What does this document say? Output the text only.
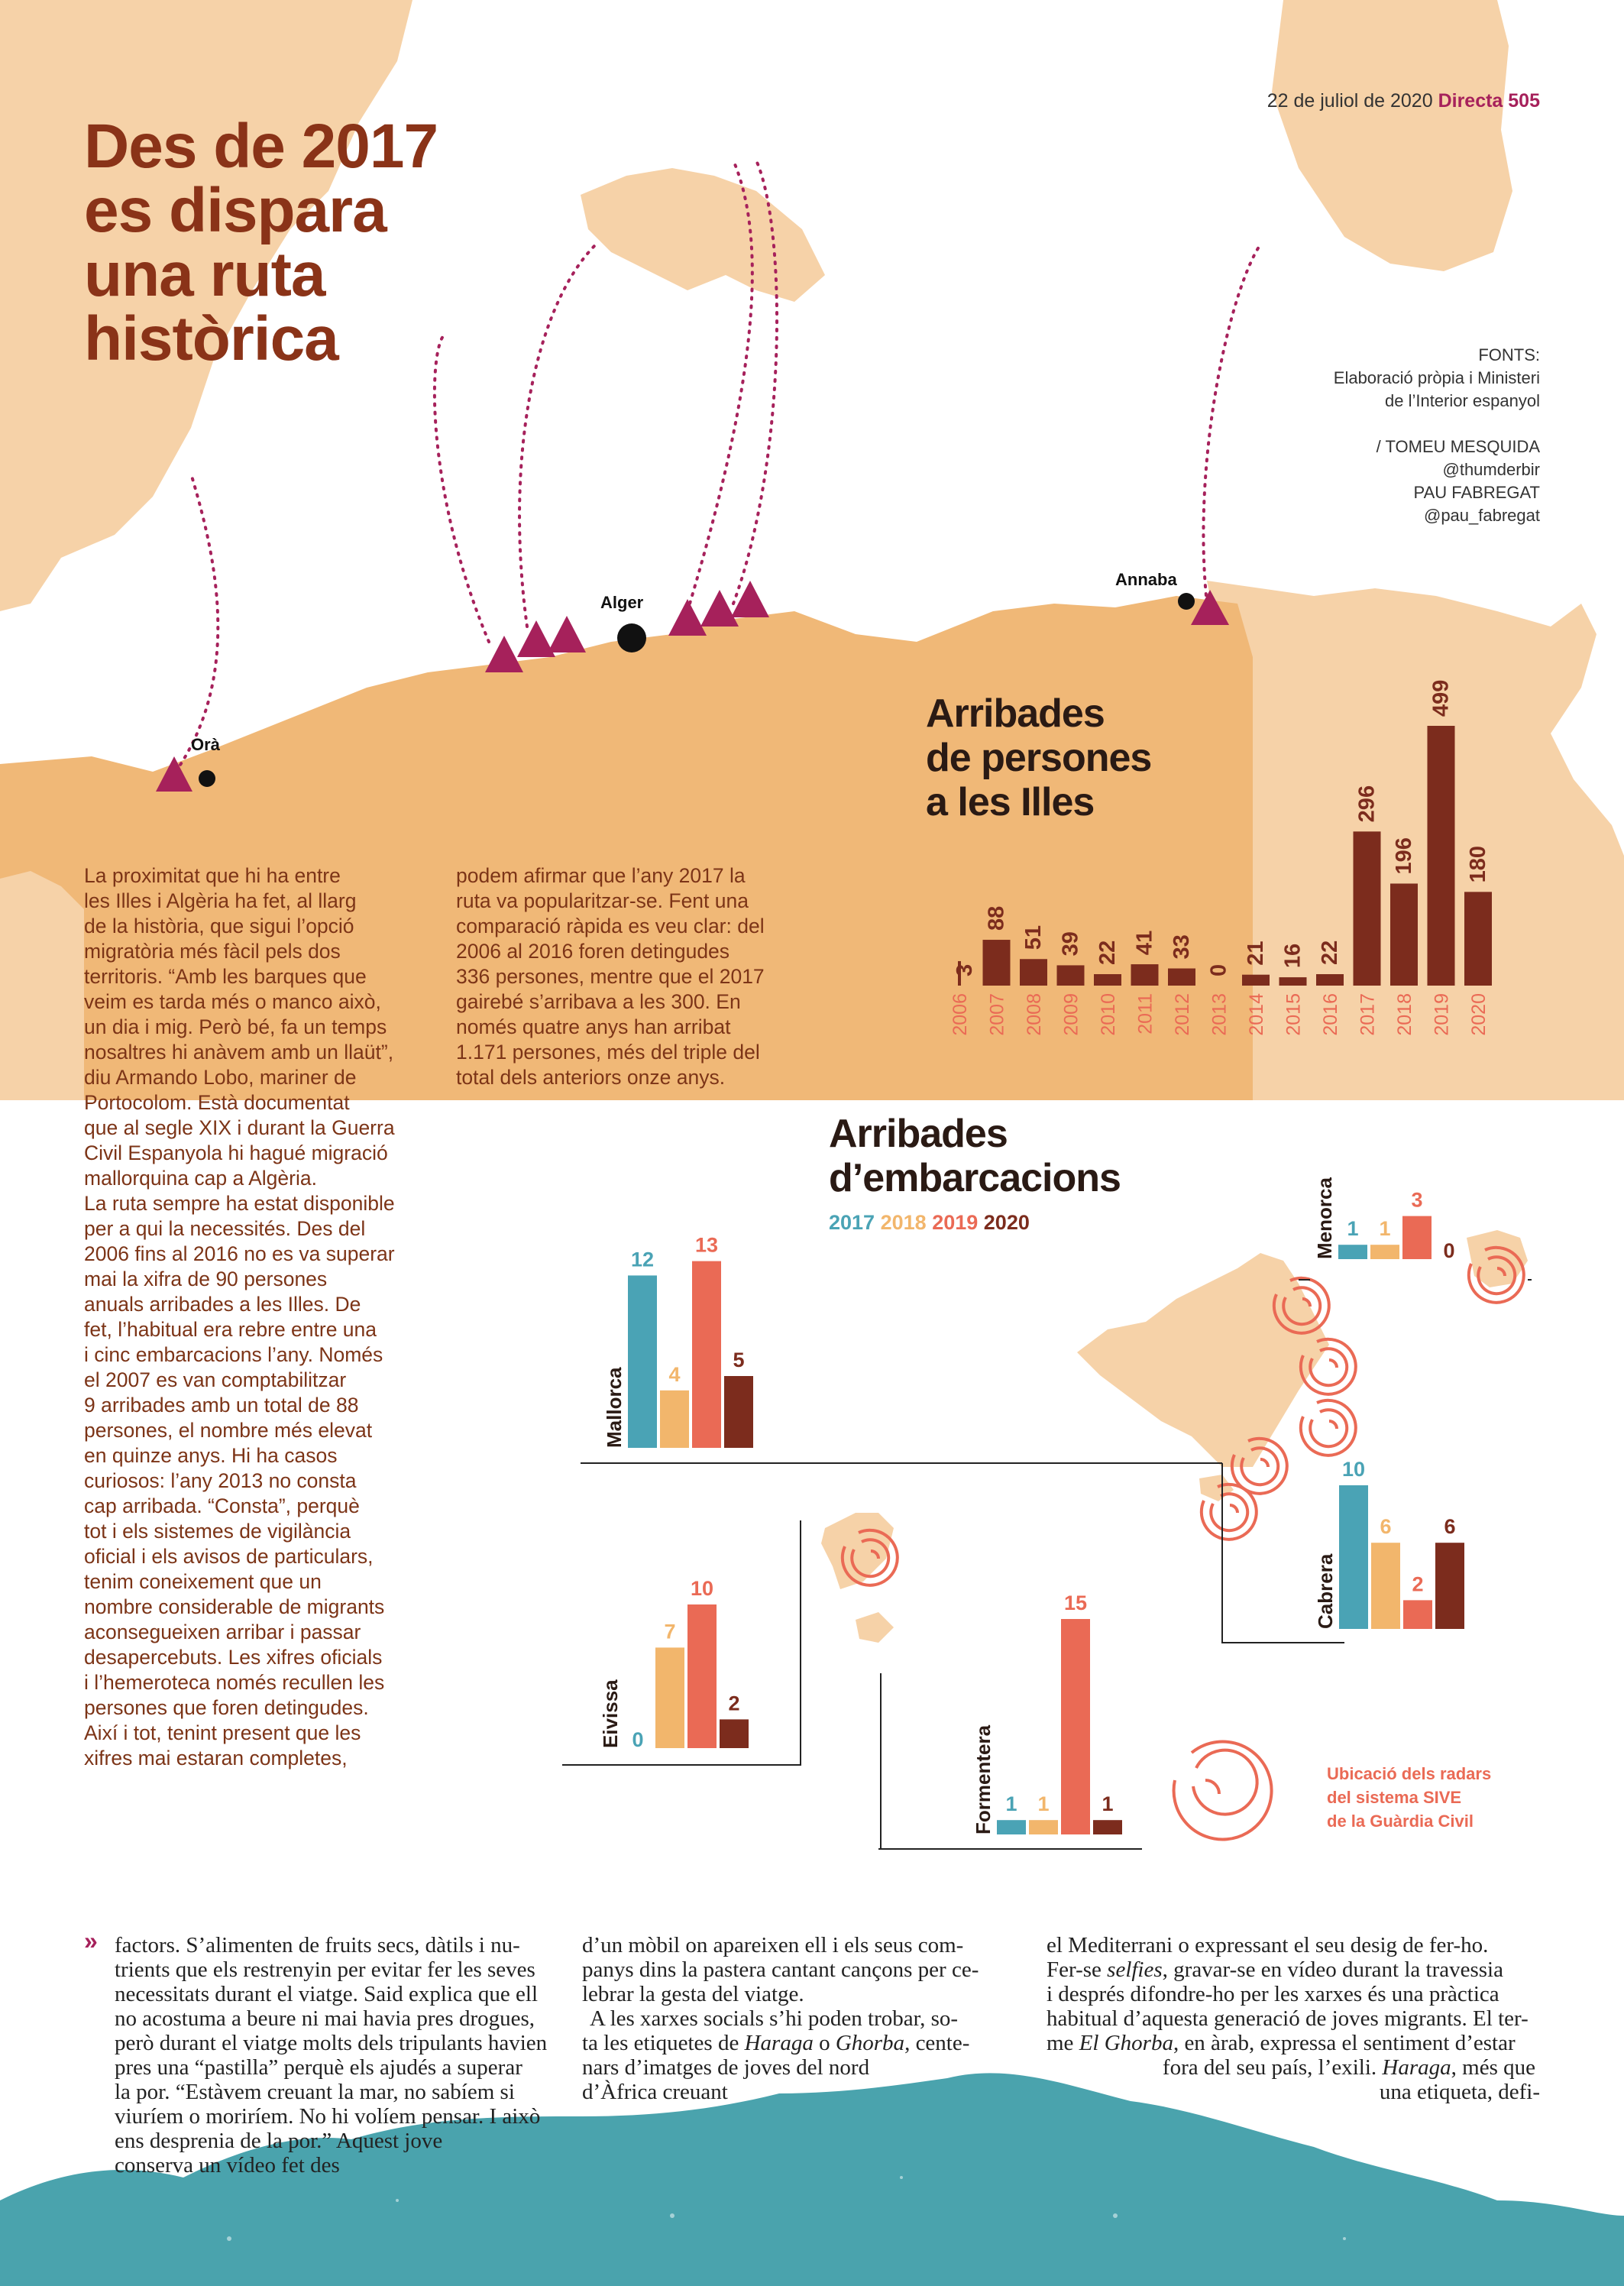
Des de 2017
es dispara
una ruta
històrica
22 de juliol de 2020 Directa 505
FONTS:
Elaboració pròpia i Ministeri
de l’Interior espanyol

/ TOMEU MESQUIDA
@thumderbir
PAU FABREGAT
@pau_fabregat
Orà
Alger
Annaba
La proximitat que hi ha entre
les Illes i Algèria ha fet, al llarg
de la història, que sigui l’opció
migratòria més fàcil pels dos
territoris. “Amb les barques que
veim es tarda més o manco això,
un dia i mig. Però bé, fa un temps
nosaltres hi anàvem amb un llaüt”,
diu Armando Lobo, mariner de
Portocolom. Està documentat
que al segle XIX i durant la Guerra
Civil Espanyola hi hagué migració
mallorquina cap a Algèria.
La ruta sempre ha estat disponible
per a qui la necessités. Des del
2006 fins al 2016 no es va superar
mai la xifra de 90 persones
anuals arribades a les Illes. De
fet, l’habitual era rebre entre una
i cinc embarcacions l’any. Només
el 2007 es van comptabilitzar
9 arribades amb un total de 88
persones, el nombre més elevat
en quinze anys. Hi ha casos
curiosos: l’any 2013 no consta
cap arribada. “Consta”, perquè
tot i els sistemes de vigilància
oficial i els avisos de particulars,
tenim coneixement que un
nombre considerable de migrants
aconsegueixen arribar i passar
desapercebuts. Les xifres oficials
i l’hemeroteca només recullen les
persones que foren detingudes.
Així i tot, tenint present que les
xifres mai estaran completes,
podem afirmar que l’any 2017 la
ruta va popularitzar-se. Fent una
comparació ràpida es veu clar: del
2006 al 2016 foren detingudes
336 persones, mentre que el 2017
gairebé s’arribava a les 300. En
només quatre anys han arribat
1.171 persones, més del triple del
total dels anteriors onze anys.
Arribades
de persones
a les Illes
3
2006
88
2007
51
2008
39
2009
22
2010
41
2011
33
2012
0
2013
21
2014
16
2015
22
2016
296
2017
196
2018
499
2019
180
2020
Arribades
d’embarcacions
2017 2018 2019 2020
12
4
13
5
Mallorca
1 1
3
0
Menorca
10
6
2
6
Cabrera
0
7
10
2
Eivissa
1 1
15
1
Formentera	Ubicació dels radars
del sistema SIVE
de la Guàrdia Civil
» factors. S’alimenten de fruits secs, dàtils i nu-
trients que els restrenyin per evitar fer les seves
necessitats durant el viatge. Said explica que ell
no acostuma a beure ni mai havia pres drogues,
però durant el viatge molts dels tripulants havien
pres una “pastilla” perquè els ajudés a superar
la por. “Estàvem creuant la mar, no sabíem si
viuríem o moriríem. No hi volíem pensar. I això
ens desprenia de la por.” Aquest jove
conserva un vídeo fet des
d’un mòbil on apareixen ell i els seus com-
panys dins la pastera cantant cançons per ce-
lebrar la gesta del viatge.
A les xarxes socials s’hi poden trobar, so-
ta les etiquetes de Haraga o Ghorba, cente-
nars d’imatges de joves del nord
d’Àfrica creuant
el Mediterrani o expressant el seu desig de fer-ho.
Fer-se selfies, gravar-se en vídeo durant la travessia
i després difondre-ho per les xarxes és una pràctica
habitual d’aquesta generació de joves migrants. El ter-
me El Ghorba, en àrab, expressa el sentiment d’estar
fora del seu país, l’exili. Haraga, més que
una etiqueta, defi-
